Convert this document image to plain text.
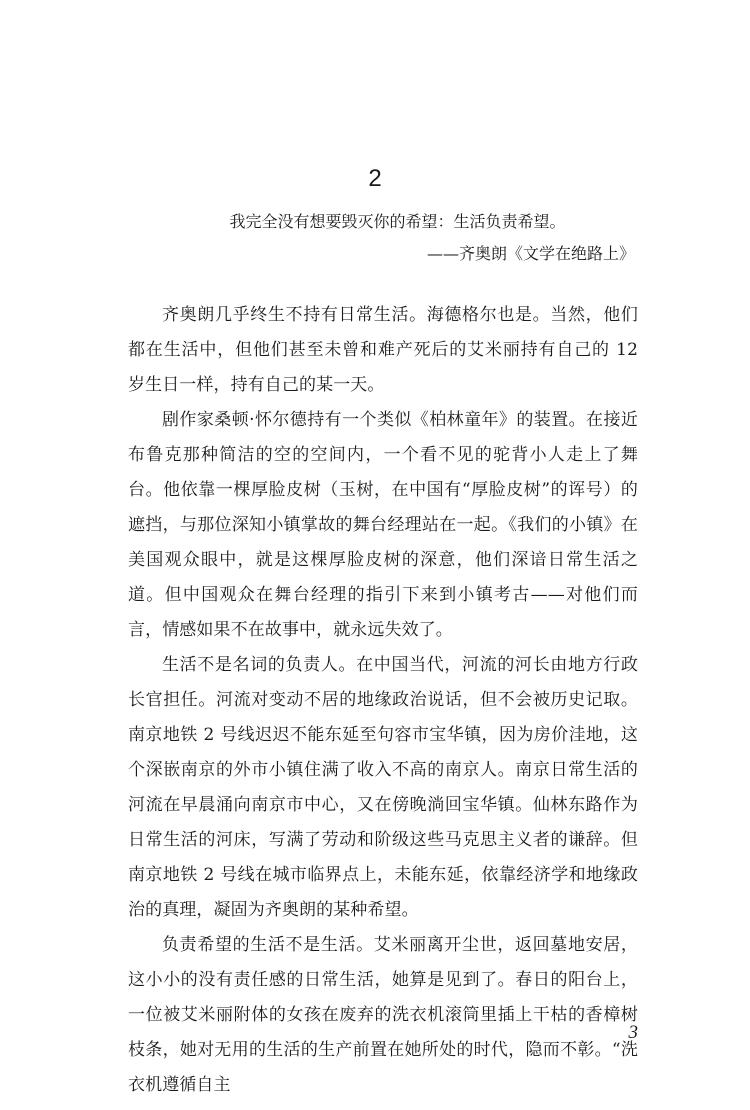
2

我完全没有想要毁灭你的希望：生活负责希望。

——齐奥朗《文学在绝路上》

齐奥朗几乎终生不持有日常生活。海德格尔也是。当然，他们都在生活中，但他们甚至未曾和难产死后的艾米丽持有自己的 12 岁生日一样，持有自己的某一天。

剧作家桑顿·怀尔德持有一个类似《柏林童年》的装置。在接近布鲁克那种简洁的空的空间内，一个看不见的驼背小人走上了舞台。他依靠一棵厚脸皮树（玉树，在中国有“厚脸皮树”的诨号）的遮挡，与那位深知小镇掌故的舞台经理站在一起。《我们的小镇》在美国观众眼中，就是这棵厚脸皮树的深意，他们深谙日常生活之道。但中国观众在舞台经理的指引下来到小镇考古——对他们而言，情感如果不在故事中，就永远失效了。

生活不是名词的负责人。在中国当代，河流的河长由地方行政长官担任。河流对变动不居的地缘政治说话，但不会被历史记取。南京地铁 2 号线迟迟不能东延至句容市宝华镇，因为房价洼地，这个深嵌南京的外市小镇住满了收入不高的南京人。南京日常生活的河流在早晨涌向南京市中心，又在傍晚淌回宝华镇。仙林东路作为日常生活的河床，写满了劳动和阶级这些马克思主义者的谦辞。但南京地铁 2 号线在城市临界点上，未能东延，依靠经济学和地缘政治的真理，凝固为齐奥朗的某种希望。

负责希望的生活不是生活。艾米丽离开尘世，返回墓地安居，这小小的没有责任感的日常生活，她算是见到了。春日的阳台上，一位被艾米丽附体的女孩在废弃的洗衣机滚筒里插上干枯的香樟树枝条，她对无用的生活的生产前置在她所处的时代，隐而不彰。“洗衣机遵循自主

3
